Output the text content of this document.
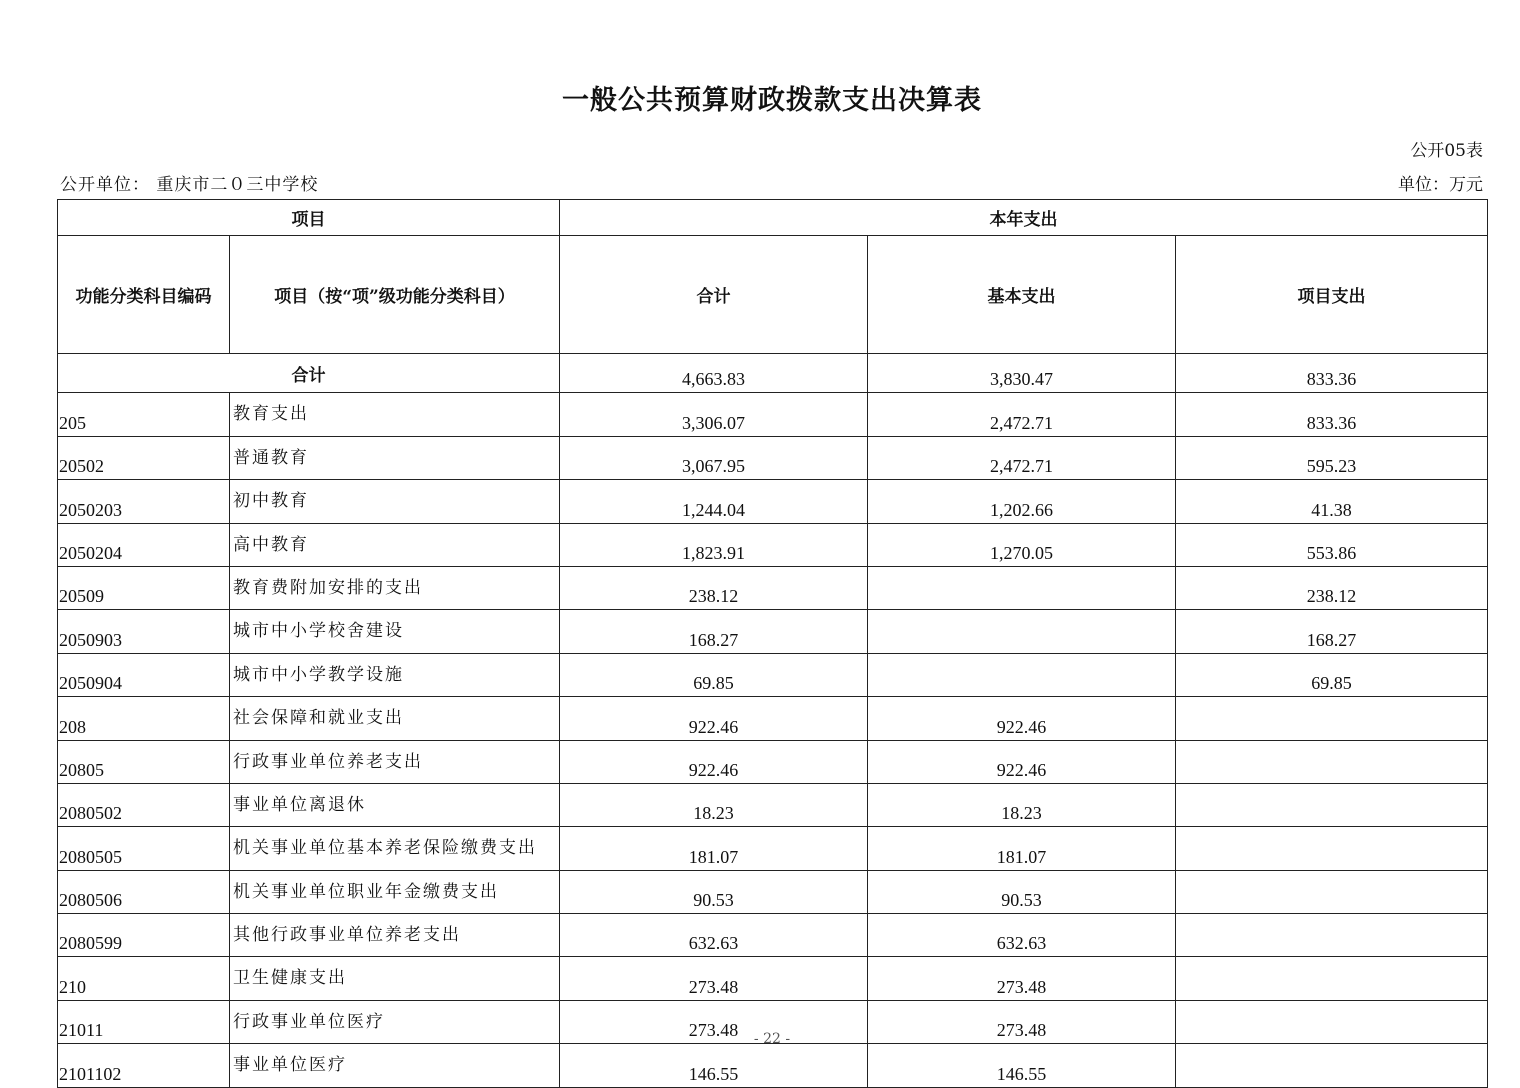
一般公共预算财政拨款支出决算表
公开05表
公开单位： 重庆市二０三中学校	单位：万元
项目		本年支出		
功能分类科目编码	项目（按“项”级功能分类科目）	合计	基本支出	项目支出
合计		4,663.83	3,830.47	833.36
205	教育支出	3,306.07	2,472.71	833.36
20502	普通教育	3,067.95	2,472.71	595.23
2050203	初中教育	1,244.04	1,202.66	41.38
2050204	高中教育	1,823.91	1,270.05	553.86
20509	教育费附加安排的支出	238.12		238.12
2050903	城市中小学校舍建设	168.27		168.27
2050904	城市中小学教学设施	69.85		69.85
208	社会保障和就业支出	922.46	922.46	
20805	行政事业单位养老支出	922.46	922.46	
2080502	事业单位离退休	18.23	18.23	
2080505	机关事业单位基本养老保险缴费支出	181.07	181.07	
2080506	机关事业单位职业年金缴费支出	90.53	90.53	
2080599	其他行政事业单位养老支出	632.63	632.63	
210	卫生健康支出	273.48	273.48	
21011	行政事业单位医疗	273.48	273.48	
2101102	事业单位医疗	146.55	146.55	
- 22 -
